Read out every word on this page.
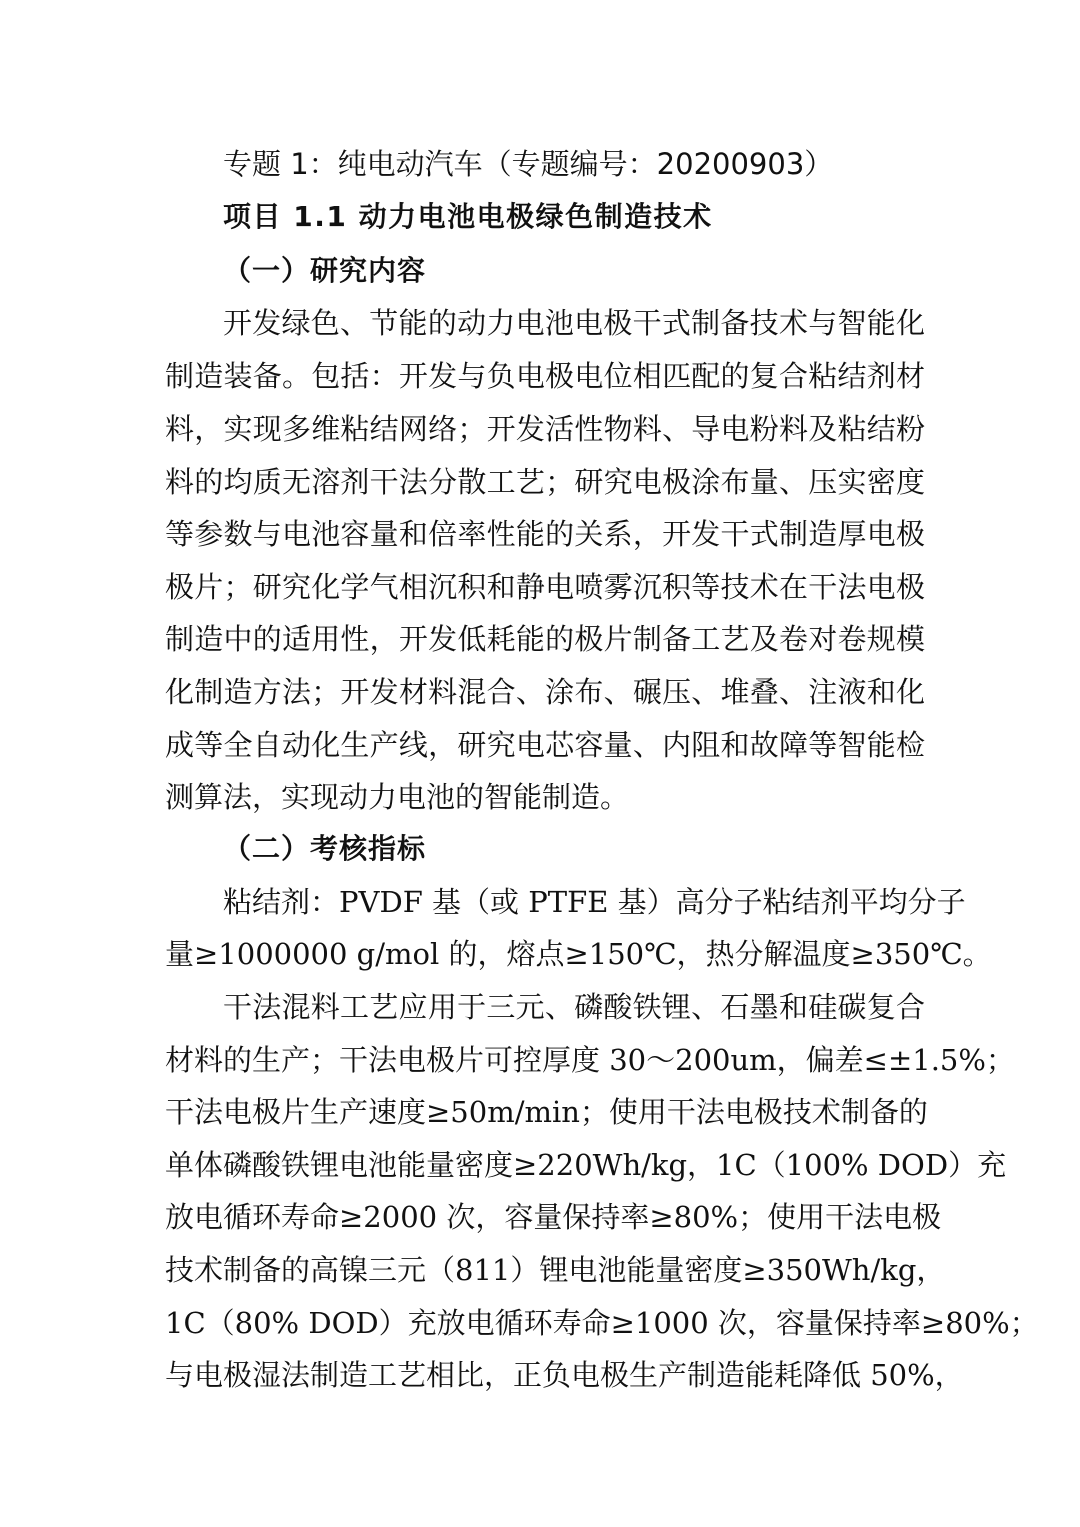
专题 1：纯电动汽车（专题编号：20200903）
项目 1.1 动力电池电极绿色制造技术
（一）研究内容
开发绿色、节能的动力电池电极干式制备技术与智能化
制造装备。包括：开发与负电极电位相匹配的复合粘结剂材
料，实现多维粘结网络；开发活性物料、导电粉料及粘结粉
料的均质无溶剂干法分散工艺；研究电极涂布量、压实密度
等参数与电池容量和倍率性能的关系，开发干式制造厚电极
极片；研究化学气相沉积和静电喷雾沉积等技术在干法电极
制造中的适用性，开发低耗能的极片制备工艺及卷对卷规模
化制造方法；开发材料混合、涂布、碾压、堆叠、注液和化
成等全自动化生产线，研究电芯容量、内阻和故障等智能检
测算法，实现动力电池的智能制造。
（二）考核指标
粘结剂：PVDF 基（或 PTFE 基）高分子粘结剂平均分子
量≥1000000 g/mol 的，熔点≥150℃，热分解温度≥350℃。
干法混料工艺应用于三元、磷酸铁锂、石墨和硅碳复合
材料的生产；干法电极片可控厚度 30～200um，偏差≤±1.5%；
干法电极片生产速度≥50m/min；使用干法电极技术制备的
单体磷酸铁锂电池能量密度≥220Wh/kg，1C（100% DOD）充
放电循环寿命≥2000 次，容量保持率≥80%；使用干法电极
技术制备的高镍三元（811）锂电池能量密度≥350Wh/kg，
1C（80% DOD）充放电循环寿命≥1000 次，容量保持率≥80%；
与电极湿法制造工艺相比，正负电极生产制造能耗降低 50%，
